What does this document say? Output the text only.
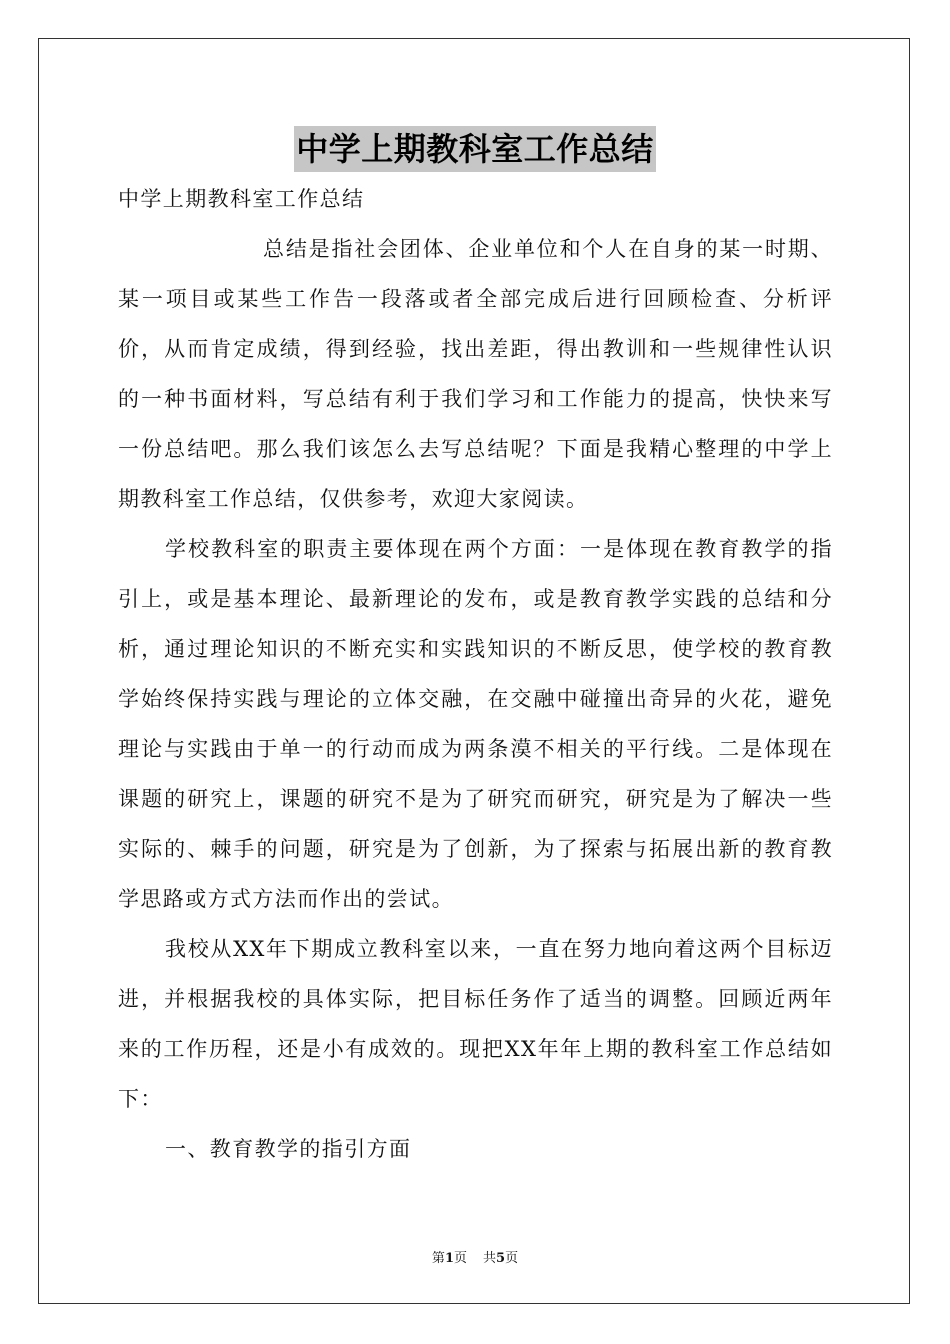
中学上期教科室工作总结

中学上期教科室工作总结

总结是指社会团体、企业单位和个人在自身的某一时期、某一项目或某些工作告一段落或者全部完成后进行回顾检查、分析评价，从而肯定成绩，得到经验，找出差距，得出教训和一些规律性认识的一种书面材料，写总结有利于我们学习和工作能力的提高，快快来写一份总结吧。那么我们该怎么去写总结呢？下面是我精心整理的中学上期教科室工作总结，仅供参考，欢迎大家阅读。

学校教科室的职责主要体现在两个方面：一是体现在教育教学的指引上，或是基本理论、最新理论的发布，或是教育教学实践的总结和分析，通过理论知识的不断充实和实践知识的不断反思，使学校的教育教学始终保持实践与理论的立体交融，在交融中碰撞出奇异的火花，避免理论与实践由于单一的行动而成为两条漠不相关的平行线。二是体现在课题的研究上，课题的研究不是为了研究而研究，研究是为了解决一些实际的、棘手的问题，研究是为了创新，为了探索与拓展出新的教育教学思路或方式方法而作出的尝试。

我校从XX年下期成立教科室以来，一直在努力地向着这两个目标迈进，并根据我校的具体实际，把目标任务作了适当的调整。回顾近两年来的工作历程，还是小有成效的。现把XX年年上期的教科室工作总结如下：

一、教育教学的指引方面

第1页 共5页
